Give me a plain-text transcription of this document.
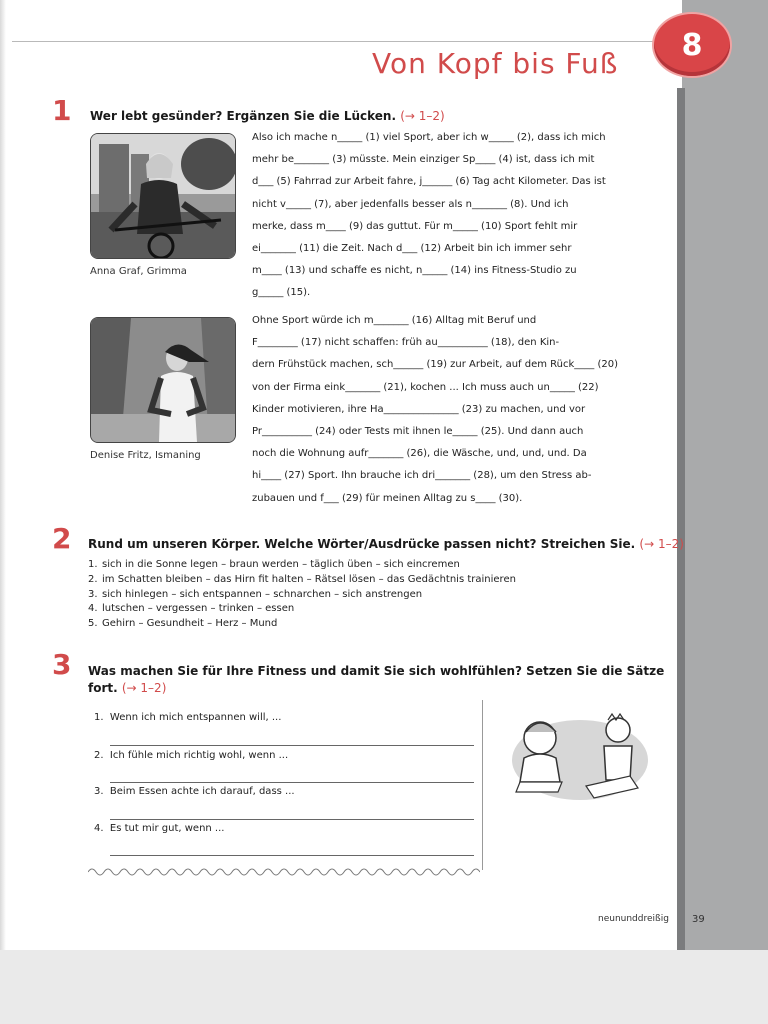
Von Kopf bis Fuß
8
1 Wer lebt gesünder? Ergänzen Sie die Lücken. (→ 1–2)
Anna Graf, Grimma
Also ich mache n_____ (1) viel Sport, aber ich w_____ (2), dass ich mich
mehr be_______ (3) müsste. Mein einziger Sp____ (4) ist, dass ich mit
d___ (5) Fahrrad zur Arbeit fahre, j______ (6) Tag acht Kilometer. Das ist
nicht v_____ (7), aber jedenfalls besser als n_______ (8). Und ich
merke, dass m____ (9) das guttut. Für m_____ (10) Sport fehlt mir
ei_______ (11) die Zeit. Nach d___ (12) Arbeit bin ich immer sehr
m____ (13) und schaffe es nicht, n_____ (14) ins Fitness-Studio zu
g_____ (15).
Denise Fritz, Ismaning
Ohne Sport würde ich m_______ (16) Alltag mit Beruf und
F________ (17) nicht schaffen: früh au__________ (18), den Kin-
dern Frühstück machen, sch______ (19) zur Arbeit, auf dem Rück____ (20)
von der Firma eink_______ (21), kochen ... Ich muss auch un_____ (22)
Kinder motivieren, ihre Ha_______________ (23) zu machen, und vor
Pr__________ (24) oder Tests mit ihnen le_____ (25). Und dann auch
noch die Wohnung aufr_______ (26), die Wäsche, und, und, und. Da
hi____ (27) Sport. Ihn brauche ich dri_______ (28), um den Stress ab-
zubauen und f___ (29) für meinen Alltag zu s____ (30).
2 Rund um unseren Körper. Welche Wörter/Ausdrücke passen nicht? Streichen Sie. (→ 1–2)
1. sich in die Sonne legen – braun werden – täglich üben – sich eincremen
2. im Schatten bleiben – das Hirn fit halten – Rätsel lösen – das Gedächtnis trainieren
3. sich hinlegen – sich entspannen – schnarchen – sich anstrengen
4. lutschen – vergessen – trinken – essen
5. Gehirn – Gesundheit – Herz – Mund
3 Was machen Sie für Ihre Fitness und damit Sie sich wohlfühlen? Setzen Sie die Sätze
fort. (→ 1–2)
1. Wenn ich mich entspannen will, ...
2. Ich fühle mich richtig wohl, wenn ...
3. Beim Essen achte ich darauf, dass ...
4. Es tut mir gut, wenn ...
neununddreißig 39
